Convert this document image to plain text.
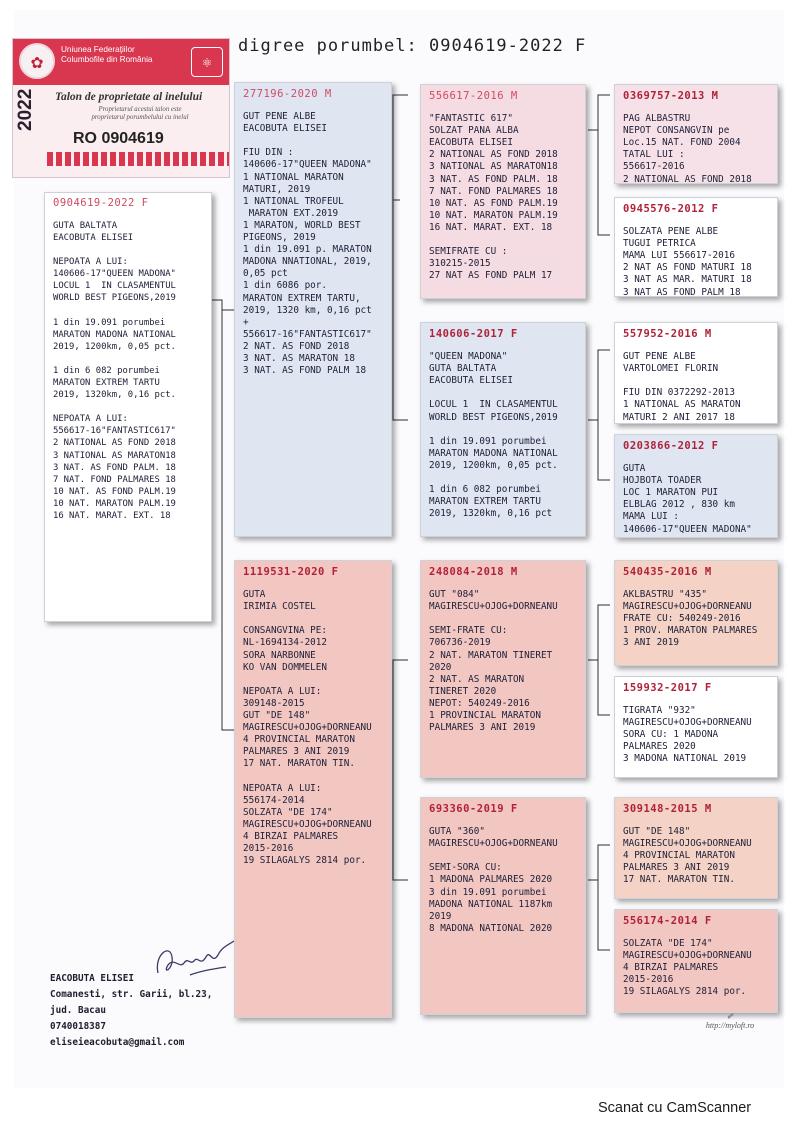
digree porumbel: 0904619-2022 F
✿	Uniunea Federaţiilor
Columbofile din România	⚛
2022 Talon de proprietate al inelului
Proprietarul acestui talon este
proprietarul porumbelului cu inelul
RO 0904619
0904619-2022 F
GUTA BALTATA
EACOBUTA ELISEI
NEPOATA A LUI:
140606-17"QUEEN MADONA"
LOCUL 1  IN CLASAMENTUL
WORLD BEST PIGEONS,2019
1 din 19.091 porumbei
MARATON MADONA NATIONAL
2019, 1200km, 0,05 pct.
1 din 6 082 porumbei
MARATON EXTREM TARTU
2019, 1320km, 0,16 pct.
NEPOATA A LUI:
556617-16"FANTASTIC617"
2 NATIONAL AS FOND 2018
3 NATIONAL AS MARATON18
3 NAT. AS FOND PALM. 18
7 NAT. FOND PALMARES 18
10 NAT. AS FOND PALM.19
10 NAT. MARATON PALM.19
16 NAT. MARAT. EXT. 18
277196-2020 M
GUT PENE ALBE
EACOBUTA ELISEI
FIU DIN :
140606-17"QUEEN MADONA"
1 NATIONAL MARATON
MATURI, 2019
1 NATIONAL TROFEUL
MARATON EXT.2019
1 MARATON, WORLD BEST
PIGEONS, 2019
1 din 19.091 p. MARATON
MADONA NNATIONAL, 2019,
0,05 pct
1 din 6086 por.
MARATON EXTREM TARTU,
2019, 1320 km, 0,16 pct
+
556617-16"FANTASTIC617"
2 NAT. AS FOND 2018
3 NAT. AS MARATON 18
3 NAT. AS FOND PALM 18
1119531-2020 F
GUTA
IRIMIA COSTEL
CONSANGVINA PE:
NL-1694134-2012
SORA NARBONNE
KO VAN DOMMELEN
NEPOATA A LUI:
309148-2015
GUT "DE 148"
MAGIRESCU+OJOG+DORNEANU
4 PROVINCIAL MARATON
PALMARES 3 ANI 2019
17 NAT. MARATON TIN.
NEPOATA A LUI:
556174-2014
SOLZATA "DE 174"
MAGIRESCU+OJOG+DORNEANU
4 BIRZAI PALMARES
2015-2016
19 SILAGALYS 2814 por.
556617-2016 M
"FANTASTIC 617"
SOLZAT PANA ALBA
EACOBUTA ELISEI
2 NATIONAL AS FOND 2018
3 NATIONAL AS MARATON18
3 NAT. AS FOND PALM. 18
7 NAT. FOND PALMARES 18
10 NAT. AS FOND PALM.19
10 NAT. MARATON PALM.19
16 NAT. MARAT. EXT. 18
SEMIFRATE CU :
310215-2015
27 NAT AS FOND PALM 17
140606-2017 F
"QUEEN MADONA"
GUTA BALTATA
EACOBUTA ELISEI
LOCUL 1  IN CLASAMENTUL
WORLD BEST PIGEONS,2019
1 din 19.091 porumbei
MARATON MADONA NATIONAL
2019, 1200km, 0,05 pct.
1 din 6 082 porumbei
MARATON EXTREM TARTU
2019, 1320km, 0,16 pct
248084-2018 M
GUT "084"
MAGIRESCU+OJOG+DORNEANU
SEMI-FRATE CU:
706736-2019
2 NAT. MARATON TINERET
2020
2 NAT. AS MARATON
TINERET 2020
NEPOT: 540249-2016
1 PROVINCIAL MARATON
PALMARES 3 ANI 2019
693360-2019 F
GUTA "360"
MAGIRESCU+OJOG+DORNEANU
SEMI-SORA CU:
1 MADONA PALMARES 2020
3 din 19.091 porumbei
MADONA NATIONAL 1187km
2019
8 MADONA NATIONAL 2020
0369757-2013 M
PAG ALBASTRU
NEPOT CONSANGVIN pe
Loc.15 NAT. FOND 2004
TATAL LUI :
556617-2016
2 NATIONAL AS FOND 2018
0945576-2012 F
SOLZATA PENE ALBE
TUGUI PETRICA
MAMA LUI 556617-2016
2 NAT AS FOND MATURI 18
3 NAT AS MAR. MATURI 18
3 NAT AS FOND PALM 18
557952-2016 M
GUT PENE ALBE
VARTOLOMEI FLORIN
FIU DIN 0372292-2013
1 NATIONAL AS MARATON
MATURI 2 ANI 2017 18
0203866-2012 F
GUTA
HOJBOTA TOADER
LOC 1 MARATON PUI
ELBLAG 2012 , 830 km
MAMA LUI :
140606-17"QUEEN MADONA"
540435-2016 M
AKLBASTRU "435"
MAGIRESCU+OJOG+DORNEANU
FRATE CU: 540249-2016
1 PROV. MARATON PALMARES
3 ANI 2019
159932-2017 F
TIGRATA "932"
MAGIRESCU+OJOG+DORNEANU
SORA CU: 1 MADONA
PALMARES 2020
3 MADONA NATIONAL 2019
309148-2015 M
GUT "DE 148"
MAGIRESCU+OJOG+DORNEANU
4 PROVINCIAL MARATON
PALMARES 3 ANI 2019
17 NAT. MARATON TIN.
556174-2014 F
SOLZATA "DE 174"
MAGIRESCU+OJOG+DORNEANU
4 BIRZAI PALMARES
2015-2016
19 SILAGALYS 2814 por.
EACOBUTA ELISEI
Comanesti, str. Garii, bl.23,
jud. Bacau
0740018387
eliseieacobuta@gmail.com
✐
http://myloft.ro
Scanat cu CamScanner
